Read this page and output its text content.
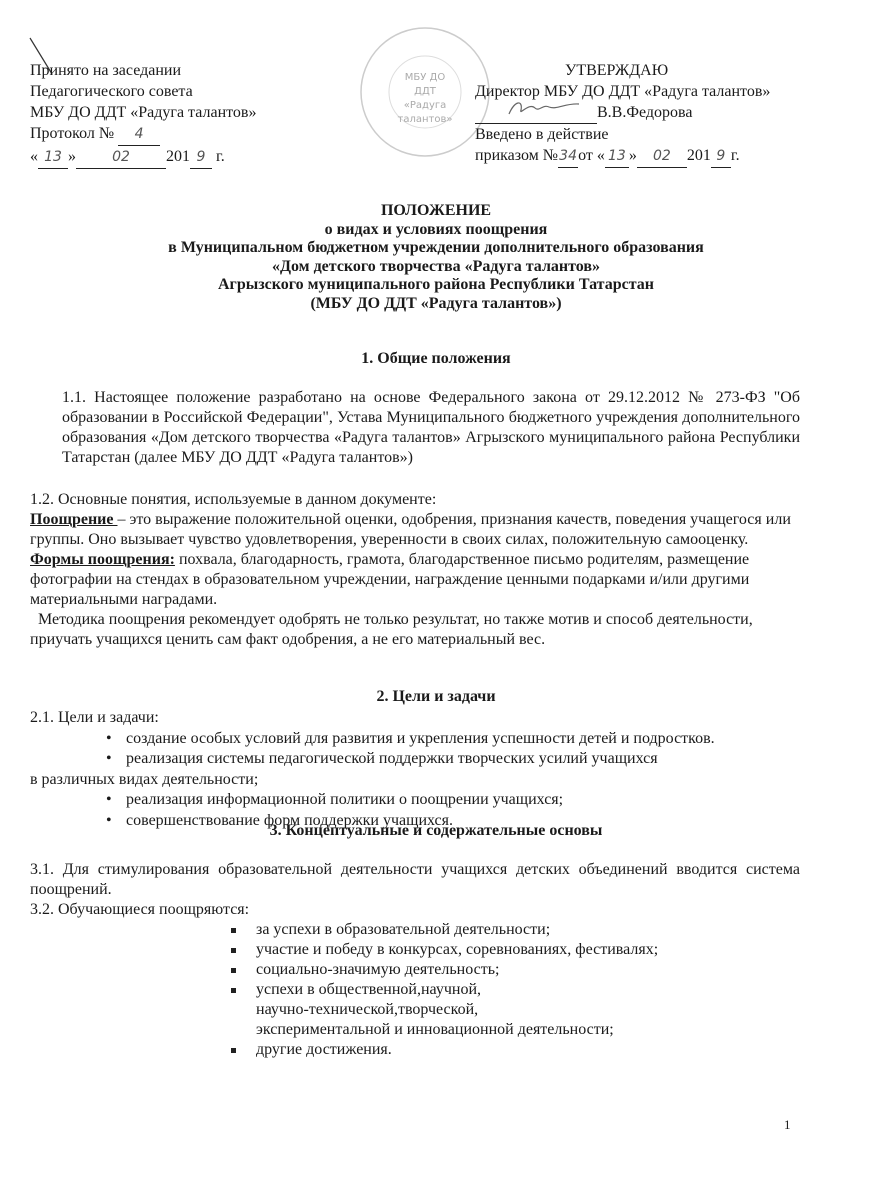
МБУ ДО
ДДТ
«Радуга
талантов»
Принято на заседании
Педагогического совета
МБУ ДО ДДТ «Радуга талантов»
Протокол № 4
« 13 »	02 201 9 г.
УТВЕРЖДАЮ
Директор МБУ ДО ДДТ «Радуга талантов»
В.В.Федорова
Введено в действие
приказом №34от « 13 » 02 201 9 г.
ПОЛОЖЕНИЕ
о видах и условиях поощрения
в Муниципальном бюджетном учреждении дополнительного образования
«Дом детского творчества «Радуга талантов»
Агрызского муниципального района Республики Татарстан
(МБУ ДО ДДТ «Радуга талантов»)
1. Общие положения
1.1. Настоящее положение разработано на основе Федерального закона от 29.12.2012 № 273-ФЗ "Об образовании в Российской Федерации", Устава Муниципального бюджетного учреждения дополнительного образования «Дом детского творчества «Радуга талантов» Агрызского муниципального района Республики Татарстан (далее МБУ ДО ДДТ «Радуга талантов»)
1.2. Основные понятия, используемые в данном документе:
Поощрение – это выражение положительной оценки, одобрения, признания качеств, поведения учащегося или группы. Оно вызывает чувство удовлетворения, уверенности в своих силах, положительную самооценку.
Формы поощрения: похвала, благодарность, грамота, благодарственное письмо родителям, размещение фотографии на стендах в образовательном учреждении, награждение ценными подарками и/или другими материальными наградами.
Методика поощрения рекомендует одобрять не только результат, но также мотив и способ деятельности, приучать учащихся ценить сам факт одобрения, а не его материальный вес.
2. Цели и задачи
2.1. Цели и задачи:
• создание особых условий для развития и укрепления успешности детей и подростков.
• реализация системы педагогической поддержки творческих усилий учащихся
в различных видах деятельности;
• реализация информационной политики о поощрении учащихся;
• совершенствование форм поддержки учащихся.
3. Концептуальные и содержательные основы
3.1. Для стимулирования образовательной деятельности учащихся детских объединений вводится система поощрений.
3.2. Обучающиеся поощряются:
за успехи в образовательной деятельности;
участие и победу в конкурсах, соревнованиях, фестивалях;
социально-значимую деятельность;
успехи в общественной,научной,
научно-технической,творческой,
экспериментальной и инновационной деятельности;
другие достижения.
1
